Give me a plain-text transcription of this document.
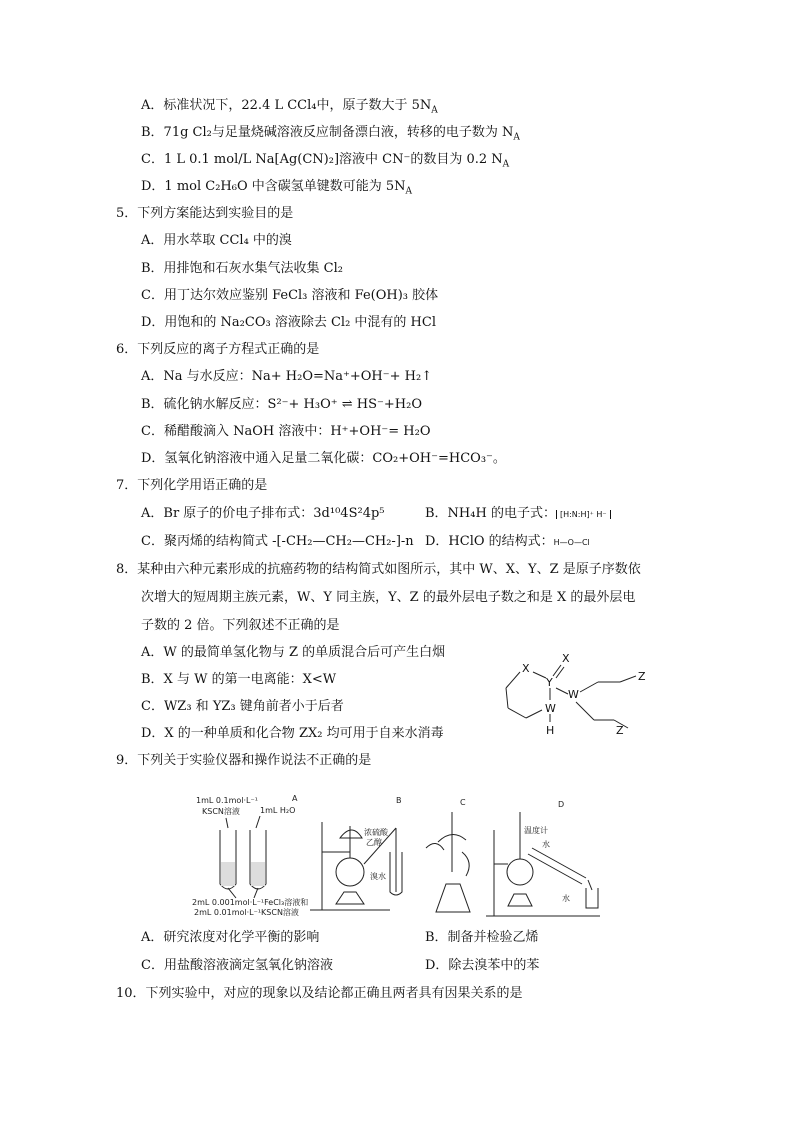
A．标准状况下，22.4 L CCl₄中，原子数大于 $5N_A$
B．71g Cl₂与足量烧碱溶液反应制备漂白液，转移的电子数为 $N_A$
C．1 L 0.1 mol/L Na[Ag(CN)₂]溶液中 CN⁻的数目为 0.2 $N_A$
D．1 mol C₂H₆O 中含碳氢单键数可能为 $5N_A$
5．下列方案能达到实验目的是
A．用水萃取 CCl₄ 中的溴
B．用排饱和石灰水集气法收集 Cl₂
C．用丁达尔效应鉴别 FeCl₃ 溶液和 Fe(OH)₃ 胶体
D．用饱和的 Na₂CO₃ 溶液除去 Cl₂ 中混有的 HCl
6．下列反应的离子方程式正确的是
A．Na 与水反应：Na+ H₂O=Na⁺+OH⁻+ H₂↑
B．硫化钠水解反应：S²⁻+ H₃O⁺ ⇌ HS⁻+H₂O
C．稀醋酸滴入 NaOH 溶液中：H⁺+OH⁻= H₂O
D．氢氧化钠溶液中通入足量二氧化碳：CO₂+OH⁻=HCO₃⁻。
7．下列化学用语正确的是
A．Br 原子的价电子排布式：3d¹⁰4S²4p⁵	B．NH₄H 的电子式： [H:N:H]⁺ H⁻
C．聚丙烯的结构简式 -[-CH₂—CH₂—CH₂-]-n D．HClO 的结构式：H—O—Cl
8．某种由六种元素形成的抗癌药物的结构简式如图所示，其中 W、X、Y、Z 是原子序数依
次增大的短周期主族元素，W、Y 同主族，Y、Z 的最外层电子数之和是 X 的最外层电
子数的 2 倍。下列叙述不正确的是
A．W 的最简单氢化物与 Z 的单质混合后可产生白烟
B．X 与 W 的第一电离能：X<W
C．WZ₃ 和 YZ₃ 键角前者小于后者
D．X 的一种单质和化合物 ZX₂ 均可用于自来水消毒
X
X
Y
W
W
H
Z
Z
9．下列关于实验仪器和操作说法不正确的是
1mL 0.1mol·L⁻¹
KSCN溶液	1mL H₂O
A
2mL 0.001mol·L⁻¹FeCl₃溶液和
2mL 0.01mol·L⁻¹KSCN溶液
B
浓硫酸
乙醇
溴水
C	D
温度计
水
水
A．研究浓度对化学平衡的影响	B．制备并检验乙烯
C．用盐酸溶液滴定氢氧化钠溶液	D．除去溴苯中的苯
10．下列实验中，对应的现象以及结论都正确且两者具有因果关系的是
